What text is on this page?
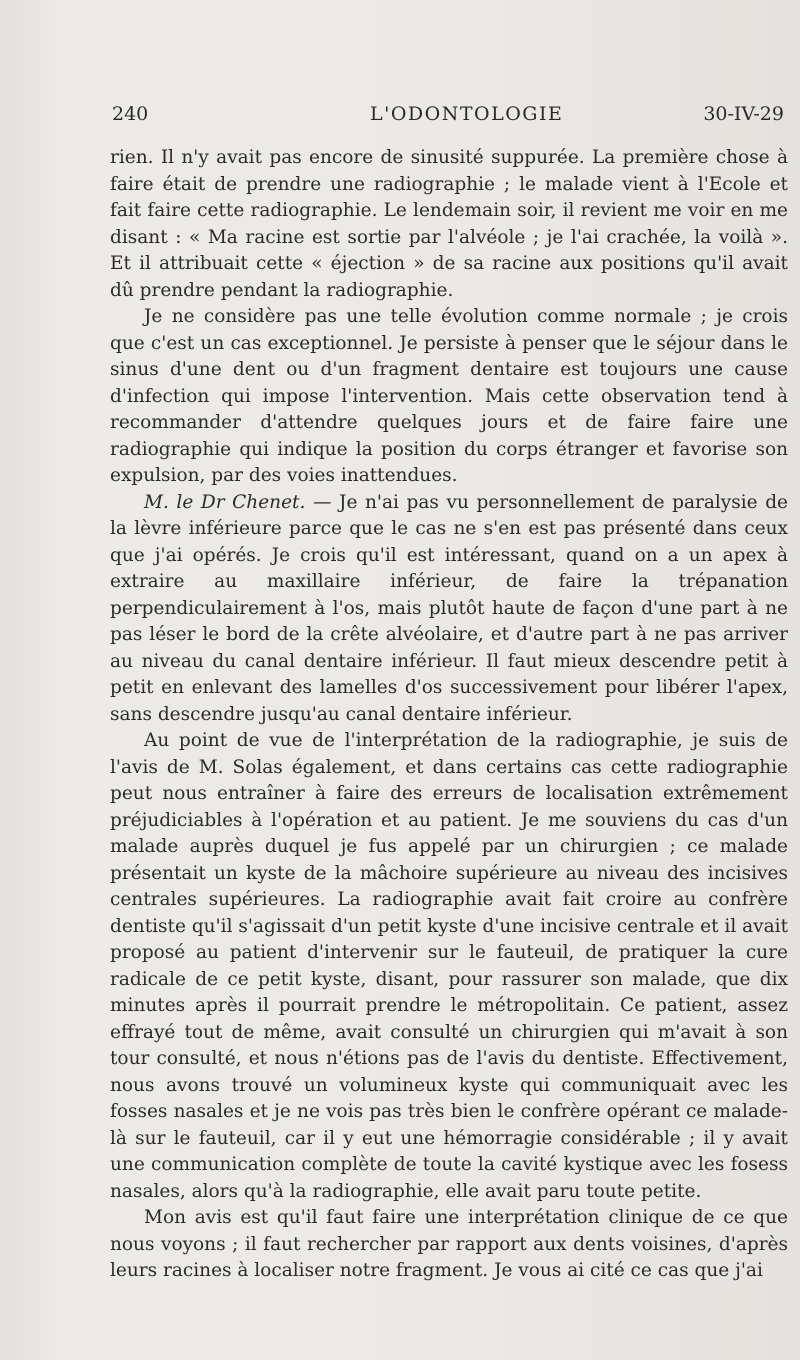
240	L'ODONTOLOGIE	30-IV-29

rien. Il n'y avait pas encore de sinusité suppurée. La première chose à faire était de prendre une radiographie ; le malade vient à l'Ecole et fait faire cette radiographie. Le lendemain soir, il revient me voir en me disant : « Ma racine est sortie par l'alvéole ; je l'ai crachée, la voilà ». Et il attribuait cette « éjection » de sa racine aux positions qu'il avait dû prendre pendant la radiographie.

Je ne considère pas une telle évolution comme normale ; je crois que c'est un cas exceptionnel. Je persiste à penser que le séjour dans le sinus d'une dent ou d'un fragment dentaire est toujours une cause d'infection qui impose l'intervention. Mais cette observation tend à recommander d'attendre quelques jours et de faire faire une radiographie qui indique la position du corps étranger et favorise son expulsion, par des voies inattendues.

M. le Dr Chenet. — Je n'ai pas vu personnellement de paralysie de la lèvre inférieure parce que le cas ne s'en est pas présenté dans ceux que j'ai opérés. Je crois qu'il est intéressant, quand on a un apex à extraire au maxillaire inférieur, de faire la trépanation perpendiculairement à l'os, mais plutôt haute de façon d'une part à ne pas léser le bord de la crête alvéolaire, et d'autre part à ne pas arriver au niveau du canal dentaire inférieur. Il faut mieux descendre petit à petit en enlevant des lamelles d'os successivement pour libérer l'apex, sans descendre jusqu'au canal dentaire inférieur.

Au point de vue de l'interprétation de la radiographie, je suis de l'avis de M. Solas également, et dans certains cas cette radiographie peut nous entraîner à faire des erreurs de localisation extrêmement préjudiciables à l'opération et au patient. Je me souviens du cas d'un malade auprès duquel je fus appelé par un chirurgien ; ce malade présentait un kyste de la mâchoire supérieure au niveau des incisives centrales supérieures. La radiographie avait fait croire au confrère dentiste qu'il s'agissait d'un petit kyste d'une incisive centrale et il avait proposé au patient d'intervenir sur le fauteuil, de pratiquer la cure radicale de ce petit kyste, disant, pour rassurer son malade, que dix minutes après il pourrait prendre le métropolitain. Ce patient, assez effrayé tout de même, avait consulté un chirurgien qui m'avait à son tour consulté, et nous n'étions pas de l'avis du dentiste. Effectivement, nous avons trouvé un volumineux kyste qui communiquait avec les fosses nasales et je ne vois pas très bien le confrère opérant ce malade-là sur le fauteuil, car il y eut une hémorragie considérable ; il y avait une communication complète de toute la cavité kystique avec les fosess nasales, alors qu'à la radiographie, elle avait paru toute petite.

Mon avis est qu'il faut faire une interprétation clinique de ce que nous voyons ; il faut rechercher par rapport aux dents voisines, d'après leurs racines à localiser notre fragment. Je vous ai cité ce cas que j'ai
